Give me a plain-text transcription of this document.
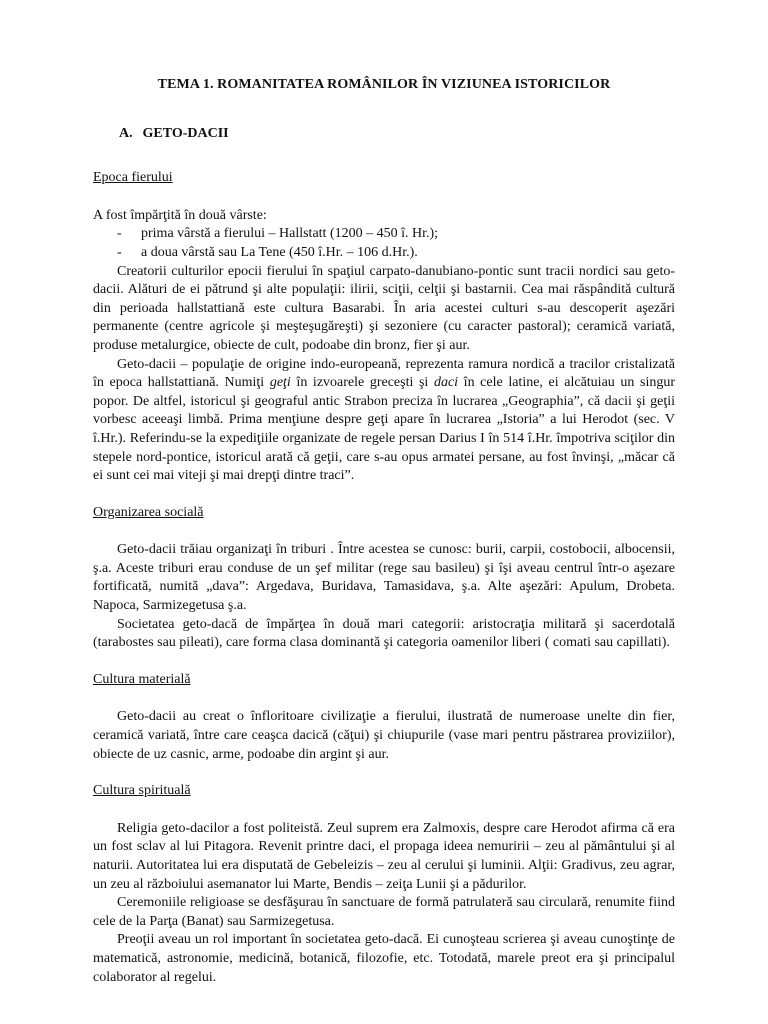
TEMA 1. ROMANITATEA ROMÂNILOR ÎN VIZIUNEA ISTORICILOR
A. GETO-DACII
Epoca fierului

A fost împărţită în două vârste:

- prima vârstă a fierului – Hallstatt (1200 – 450 î. Hr.);
- a doua vârstă sau La Tene (450 î.Hr. – 106 d.Hr.).

Creatorii culturilor epocii fierului în spaţiul carpato-danubiano-pontic sunt tracii nordici sau geto-dacii. Alături de ei pătrund şi alte populaţii: ilirii, sciţii, celţii şi bastarnii. Cea mai răspândită cultură din perioada hallstattiană este cultura Basarabi. În aria acestei culturi s-au descoperit aşezări permanente (centre agricole şi meşteşugăreşti) şi sezoniere (cu caracter pastoral); ceramică variată, produse metalurgice, obiecte de cult, podoabe din bronz, fier şi aur.

Geto-dacii – populaţie de origine indo-europeană, reprezenta ramura nordică a tracilor cristalizată în epoca hallstattiană. Numiţi geţi în izvoarele greceşti şi daci în cele latine, ei alcătuiau un singur popor. De altfel, istoricul şi geograful antic Strabon preciza în lucrarea „Geographia”, că dacii şi geţii vorbesc aceeaşi limbă. Prima menţiune despre geţi apare în lucrarea „Istoria” a lui Herodot (sec. V î.Hr.). Referindu-se la expediţiile organizate de regele persan Darius I în 514 î.Hr. împotriva sciţilor din stepele nord-pontice, istoricul arată că geţii, care s-au opus armatei persane, au fost învinşi, „măcar că ei sunt cei mai viteji şi mai drepţi dintre traci”.

Organizarea socială

Geto-dacii trăiau organizaţi în triburi . Între acestea se cunosc: burii, carpii, costobocii, albocensii, ş.a. Aceste triburi erau conduse de un şef militar (rege sau basileu) şi îşi aveau centrul într-o aşezare fortificată, numită „dava”: Argedava, Buridava, Tamasidava, ş.a. Alte aşezări: Apulum, Drobeta. Napoca, Sarmizegetusa ş.a.

Societatea geto-dacă de împărţea în două mari categorii: aristocraţia militară şi sacerdotală (tarabostes sau pileati), care forma clasa dominantă şi categoria oamenilor liberi ( comati sau capillati).

Cultura materială

Geto-dacii au creat o înfloritoare civilizaţie a fierului, ilustrată de numeroase unelte din fier, ceramică variată, între care ceaşca dacică (căţui) şi chiupurile (vase mari pentru păstrarea proviziilor), obiecte de uz casnic, arme, podoabe din argint şi aur.

Cultura spirituală

Religia geto-dacilor a fost politeistă. Zeul suprem era Zalmoxis, despre care Herodot afirma că era un fost sclav al lui Pitagora. Revenit printre daci, el propaga ideea nemuririi – zeu al pământului şi al naturii. Autoritatea lui era disputată de Gebeleizis – zeu al cerului şi luminii. Alţii: Gradivus, zeu agrar, un zeu al războiului asemanator lui Marte, Bendis – zeiţa Lunii şi a pădurilor.

Ceremoniile religioase se desfăşurau în sanctuare de formă patrulateră sau circulară, renumite fiind cele de la Parţa (Banat) sau Sarmizegetusa.

Preoţii aveau un rol important în societatea geto-dacă. Ei cunoşteau scrierea şi aveau cunoştinţe de matematică, astronomie, medicină, botanică, filozofie, etc. Totodată, marele preot era şi principalul colaborator al regelui.
